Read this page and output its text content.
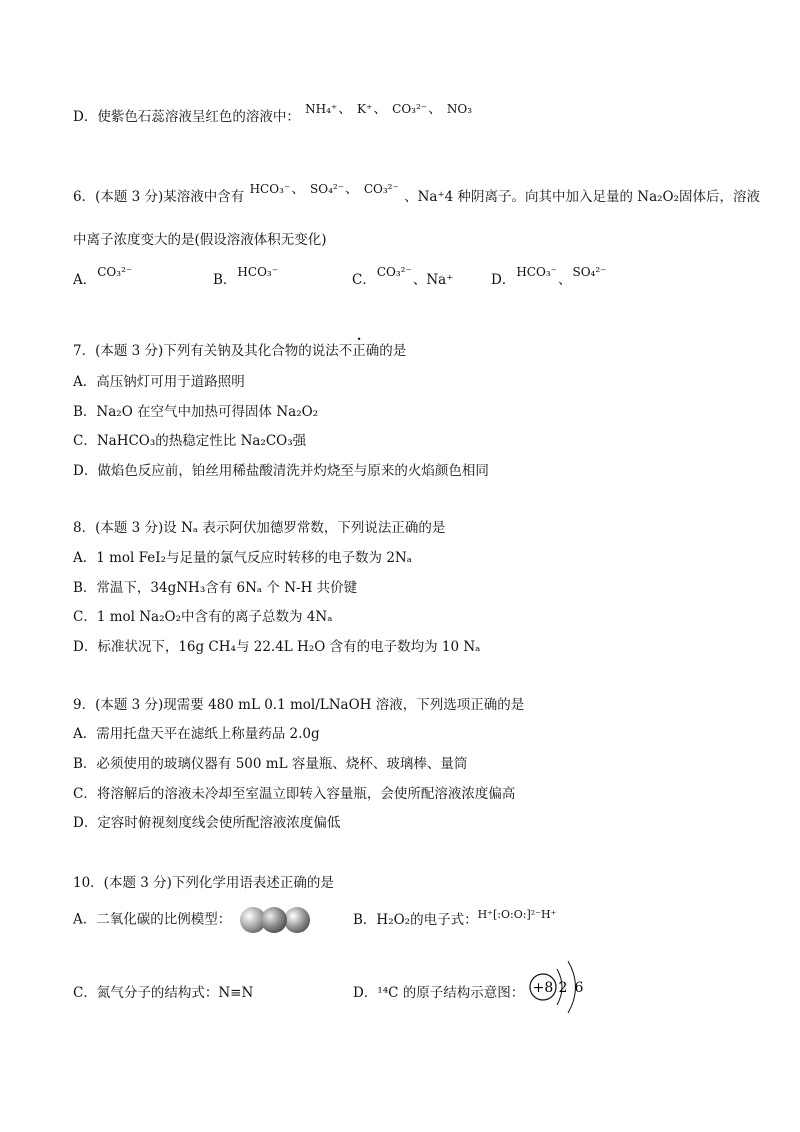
D．使紫色石蕊溶液呈红色的溶液中： NH₄⁺、 K⁺、 CO₃²⁻、 NO₃
6．(本题 3 分)某溶液中含有 HCO₃⁻、 SO₄²⁻、 CO₃²⁻ 、Na⁺4 种阴离子。向其中加入足量的 Na₂O₂固体后，溶液
中离子浓度变大的是(假设溶液体积无变化)
A．CO₃²⁻	B．HCO₃⁻	C．CO₃²⁻、Na⁺	D．HCO₃⁻、SO₄²⁻
7．(本题 3 分)下列有关钠及其化合物的说法不正确的是
A．高压钠灯可用于道路照明
B．Na₂O 在空气中加热可得固体 Na₂O₂
C．NaHCO₃的热稳定性比 Na₂CO₃强
D．做焰色反应前，铂丝用稀盐酸清洗并灼烧至与原来的火焰颜色相同
8．(本题 3 分)设 Nₐ 表示阿伏加德罗常数，下列说法正确的是
A．1 mol FeI₂与足量的氯气反应时转移的电子数为 2Nₐ
B．常温下，34gNH₃含有 6Nₐ 个 N-H 共价键
C．1 mol Na₂O₂中含有的离子总数为 4Nₐ
D．标准状况下，16g CH₄与 22.4L H₂O 含有的电子数均为 10 Nₐ
9．(本题 3 分)现需要 480 mL 0.1 mol/LNaOH 溶液，下列选项正确的是
A．需用托盘天平在滤纸上称量药品 2.0g
B．必须使用的玻璃仪器有 500 mL 容量瓶、烧杯、玻璃棒、量筒
C．将溶解后的溶液未冷却至室温立即转入容量瓶，会使所配溶液浓度偏高
D．定容时俯视刻度线会使所配溶液浓度偏低
10．(本题 3 分)下列化学用语表述正确的是
A．二氧化碳的比例模型：	B．H₂O₂的电子式：H⁺[:O:O:]²⁻H⁺
C．氮气分子的结构式：N≡N	D．¹⁴C 的原子结构示意图： +8 2 6
